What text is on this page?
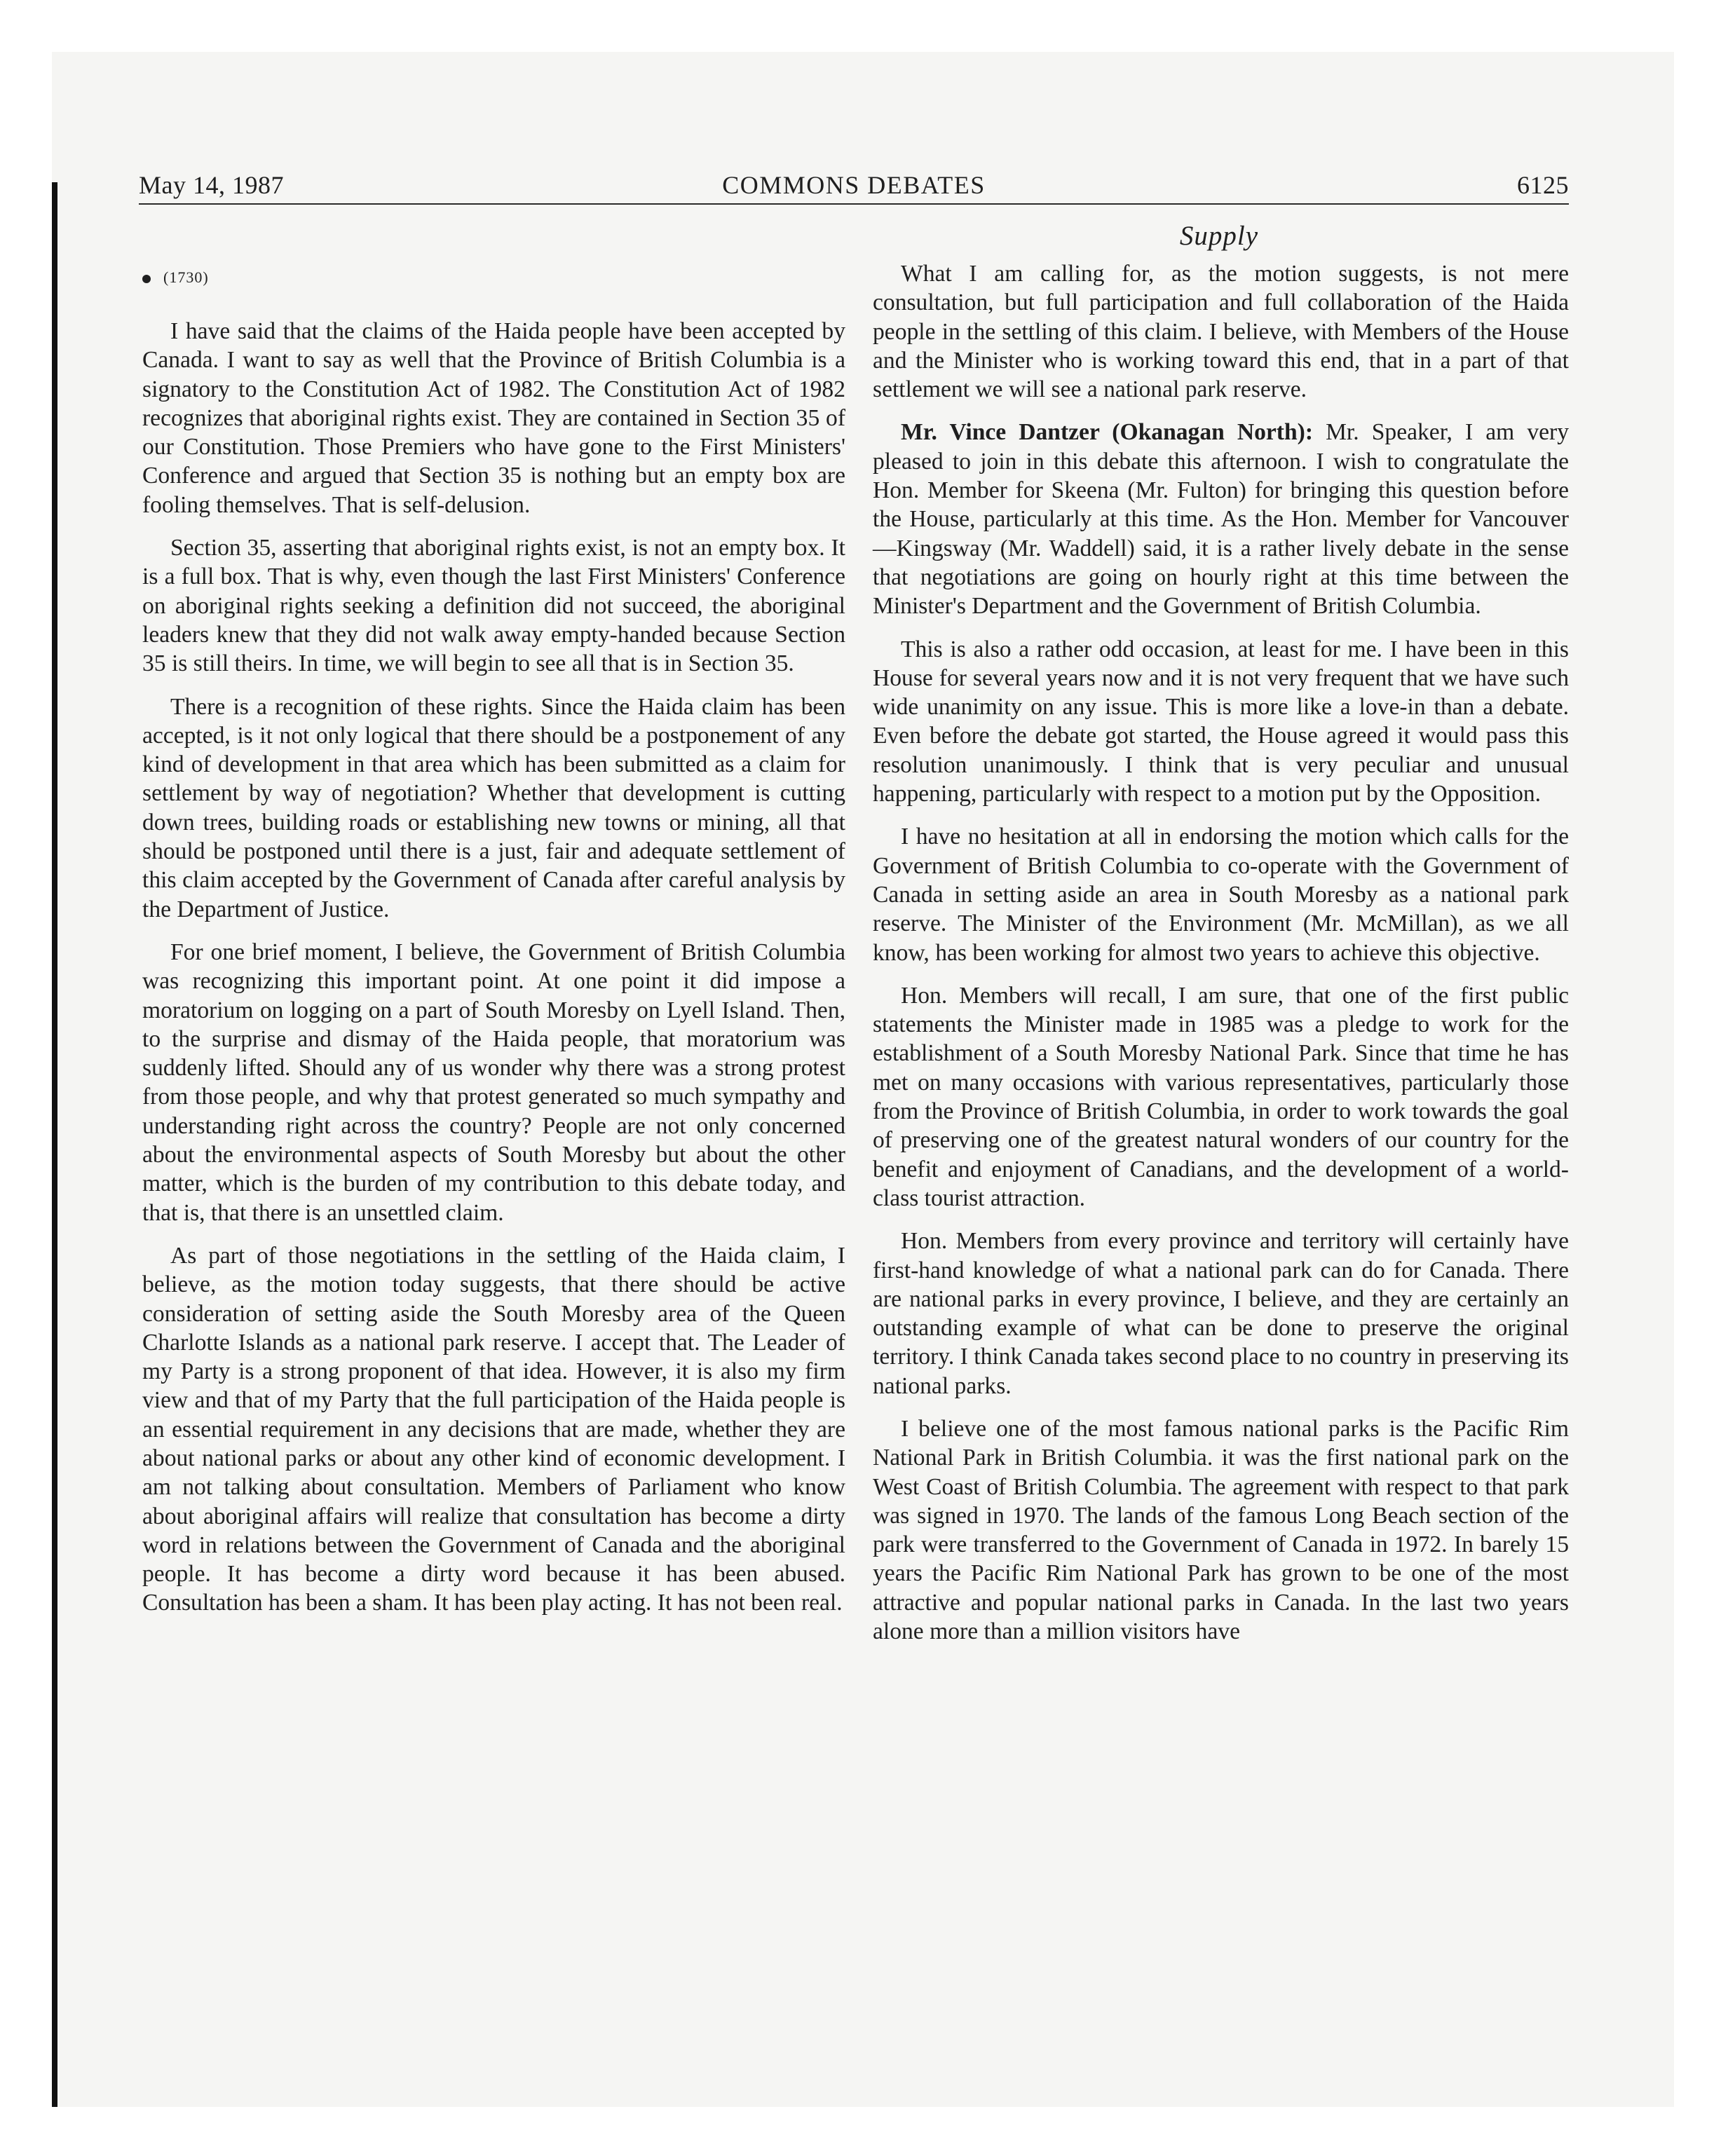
May 14, 1987	COMMONS DEBATES	6125
Supply
(1730)

I have said that the claims of the Haida people have been accepted by Canada. I want to say as well that the Province of British Columbia is a signatory to the Constitution Act of 1982. The Constitution Act of 1982 recognizes that aboriginal rights exist. They are contained in Section 35 of our Constitution. Those Premiers who have gone to the First Ministers' Conference and argued that Section 35 is nothing but an empty box are fooling themselves. That is self-delusion.

Section 35, asserting that aboriginal rights exist, is not an empty box. It is a full box. That is why, even though the last First Ministers' Conference on aboriginal rights seeking a definition did not succeed, the aboriginal leaders knew that they did not walk away empty-handed because Section 35 is still theirs. In time, we will begin to see all that is in Section 35.

There is a recognition of these rights. Since the Haida claim has been accepted, is it not only logical that there should be a postponement of any kind of development in that area which has been submitted as a claim for settlement by way of negotiation? Whether that development is cutting down trees, building roads or establishing new towns or mining, all that should be postponed until there is a just, fair and adequate settlement of this claim accepted by the Government of Canada after careful analysis by the Department of Justice.

For one brief moment, I believe, the Government of British Columbia was recognizing this important point. At one point it did impose a moratorium on logging on a part of South Moresby on Lyell Island. Then, to the surprise and dismay of the Haida people, that moratorium was suddenly lifted. Should any of us wonder why there was a strong protest from those people, and why that protest generated so much sympathy and understanding right across the country? People are not only concerned about the environmental aspects of South Moresby but about the other matter, which is the burden of my contribution to this debate today, and that is, that there is an unsettled claim.

As part of those negotiations in the settling of the Haida claim, I believe, as the motion today suggests, that there should be active consideration of setting aside the South Moresby area of the Queen Charlotte Islands as a national park reserve. I accept that. The Leader of my Party is a strong proponent of that idea. However, it is also my firm view and that of my Party that the full participation of the Haida people is an essential requirement in any decisions that are made, whether they are about national parks or about any other kind of economic development. I am not talking about consultation. Members of Parliament who know about aboriginal affairs will realize that consultation has become a dirty word in relations between the Government of Canada and the aboriginal people. It has become a dirty word because it has been abused. Consultation has been a sham. It has been play acting. It has not been real.

What I am calling for, as the motion suggests, is not mere consultation, but full participation and full collaboration of the Haida people in the settling of this claim. I believe, with Members of the House and the Minister who is working toward this end, that in a part of that settlement we will see a national park reserve.

Mr. Vince Dantzer (Okanagan North): Mr. Speaker, I am very pleased to join in this debate this afternoon. I wish to congratulate the Hon. Member for Skeena (Mr. Fulton) for bringing this question before the House, particularly at this time. As the Hon. Member for Vancouver—Kingsway (Mr. Waddell) said, it is a rather lively debate in the sense that negotiations are going on hourly right at this time between the Minister's Department and the Government of British Columbia.

This is also a rather odd occasion, at least for me. I have been in this House for several years now and it is not very frequent that we have such wide unanimity on any issue. This is more like a love-in than a debate. Even before the debate got started, the House agreed it would pass this resolution unanimously. I think that is very peculiar and unusual happening, particularly with respect to a motion put by the Opposition.

I have no hesitation at all in endorsing the motion which calls for the Government of British Columbia to co-operate with the Government of Canada in setting aside an area in South Moresby as a national park reserve. The Minister of the Environment (Mr. McMillan), as we all know, has been working for almost two years to achieve this objective.

Hon. Members will recall, I am sure, that one of the first public statements the Minister made in 1985 was a pledge to work for the establishment of a South Moresby National Park. Since that time he has met on many occasions with various representatives, particularly those from the Province of British Columbia, in order to work towards the goal of preserving one of the greatest natural wonders of our country for the benefit and enjoyment of Canadians, and the development of a world-class tourist attraction.

Hon. Members from every province and territory will certainly have first-hand knowledge of what a national park can do for Canada. There are national parks in every province, I believe, and they are certainly an outstanding example of what can be done to preserve the original territory. I think Canada takes second place to no country in preserving its national parks.

I believe one of the most famous national parks is the Pacific Rim National Park in British Columbia. it was the first national park on the West Coast of British Columbia. The agreement with respect to that park was signed in 1970. The lands of the famous Long Beach section of the park were transferred to the Government of Canada in 1972. In barely 15 years the Pacific Rim National Park has grown to be one of the most attractive and popular national parks in Canada. In the last two years alone more than a million visitors have
